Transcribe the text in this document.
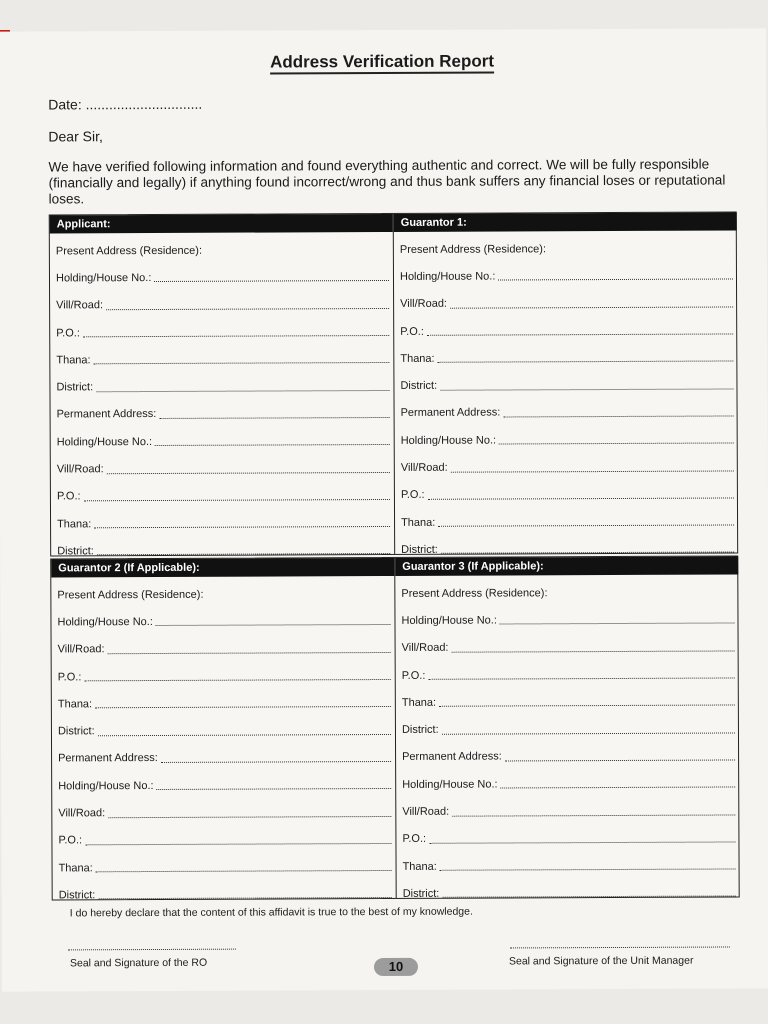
Address Verification Report
Date: ..............................
Dear Sir,
We have verified following information and found everything authentic and correct. We will be fully responsible (financially and legally) if anything found incorrect/wrong and thus bank suffers any financial loses or reputational loses.
Applicant:
Present Address (Residence):
Holding/House No.:
Vill/Road:
P.O.:
Thana:
District:
Permanent Address:
Holding/House No.:
Vill/Road:
P.O.:
Thana:
District:
Guarantor 1:
Present Address (Residence):
Holding/House No.:
Vill/Road:
P.O.:
Thana:
District:
Permanent Address:
Holding/House No.:
Vill/Road:
P.O.:
Thana:
District:
Guarantor 2 (If Applicable):
Present Address (Residence):
Holding/House No.:
Vill/Road:
P.O.:
Thana:
District:
Permanent Address:
Holding/House No.:
Vill/Road:
P.O.:
Thana:
District:
Guarantor 3 (If Applicable):
Present Address (Residence):
Holding/House No.:
Vill/Road:
P.O.:
Thana:
District:
Permanent Address:
Holding/House No.:
Vill/Road:
P.O.:
Thana:
District:
I do hereby declare that the content of this affidavit is true to the best of my knowledge.
Seal and Signature of the RO	Seal and Signature of the Unit Manager
10
